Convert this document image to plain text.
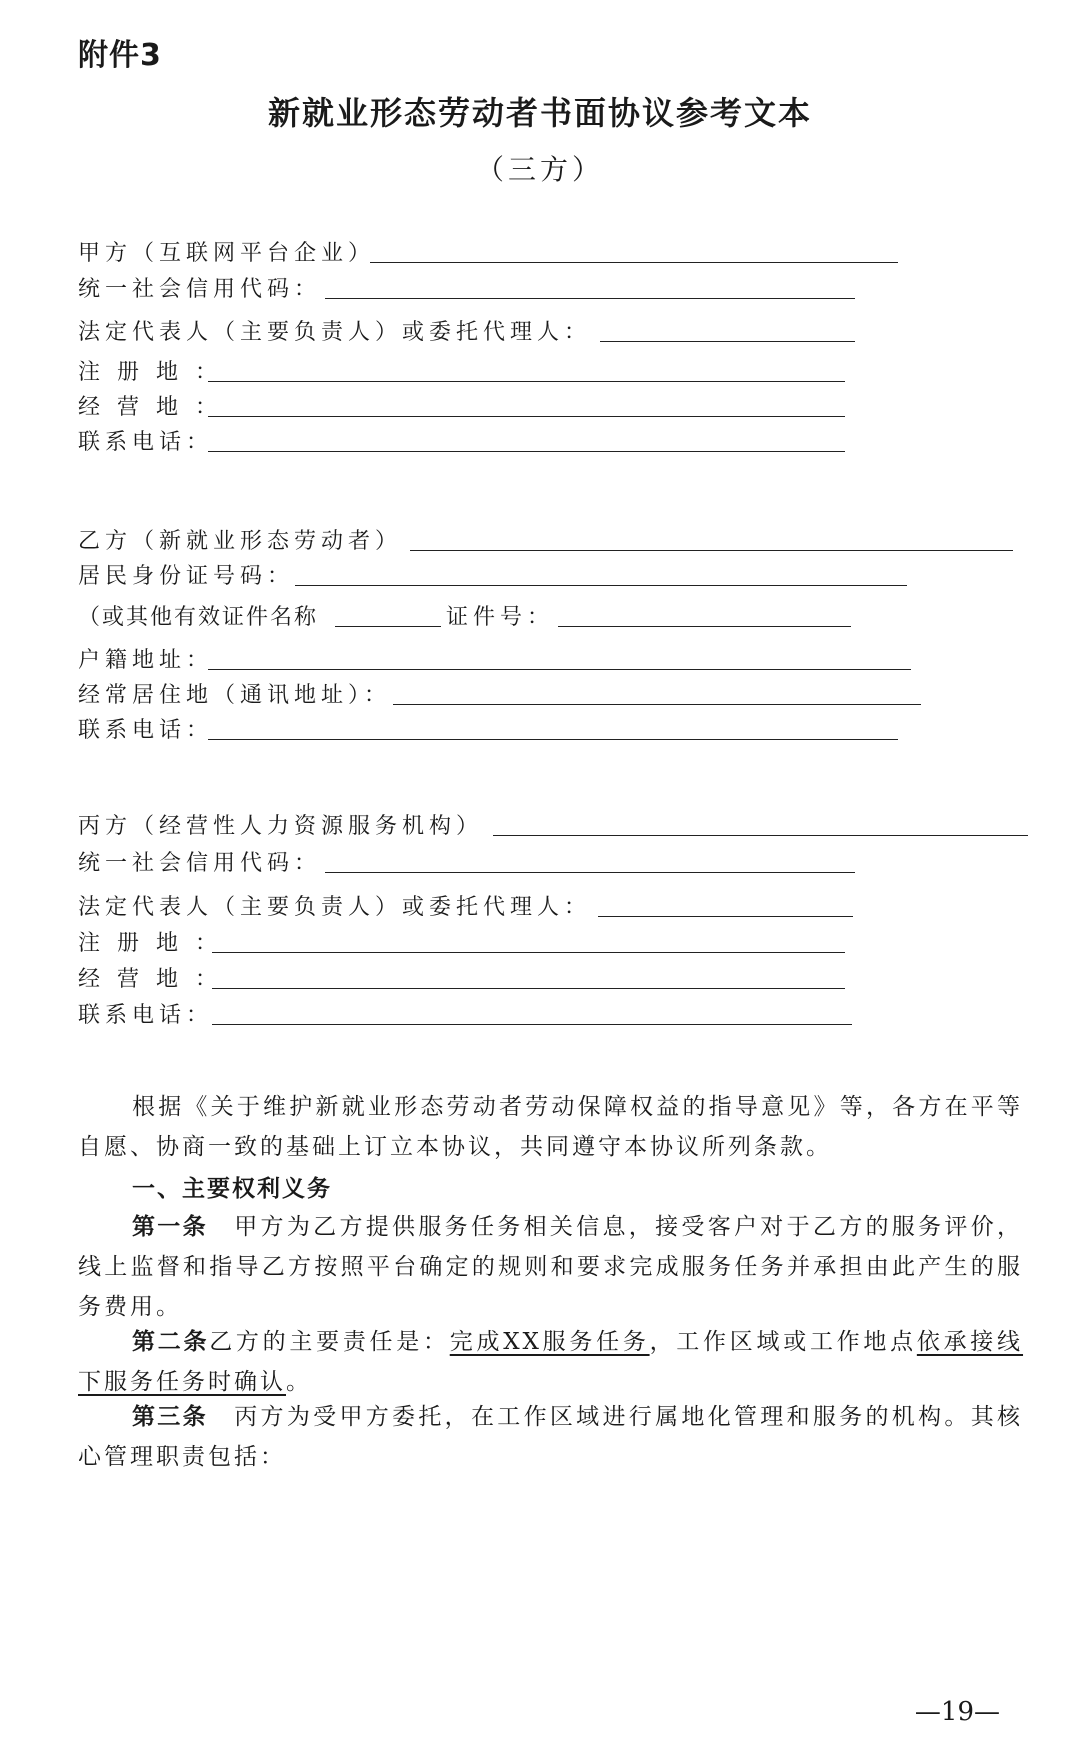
附件3
新就业形态劳动者书面协议参考文本
（三方）
甲方（互联网平台企业）
统一社会信用代码：
法定代表人（主要负责人）或委托代理人：
注 册 地 ：
经 营 地 ：
联系电话：
乙方（新就业形态劳动者）
居民身份证号码：
（或其他有效证件名称	证件号：
户籍地址：
经常居住地（通讯地址）：
联系电话：
丙方（经营性人力资源服务机构）
统一社会信用代码：
法定代表人（主要负责人）或委托代理人：
注 册 地 ：
经 营 地 ：
联系电话：
根据《关于维护新就业形态劳动者劳动保障权益的指导意见》等，各方在平等自愿、协商一致的基础上订立本协议，共同遵守本协议所列条款。
一、主要权利义务
第一条　 甲方为乙方提供服务任务相关信息，接受客户对于乙方的服务评价，线上监督和指导乙方按照平台确定的规则和要求完成服务任务并承担由此产生的服务费用。
第二条乙方的主要责任是：完成XX服务任务，工作区域或工作地点依承接线下服务任务时确认。
第三条　 丙方为受甲方委托，在工作区域进行属地化管理和服务的机构。其核心管理职责包括：
—19—
